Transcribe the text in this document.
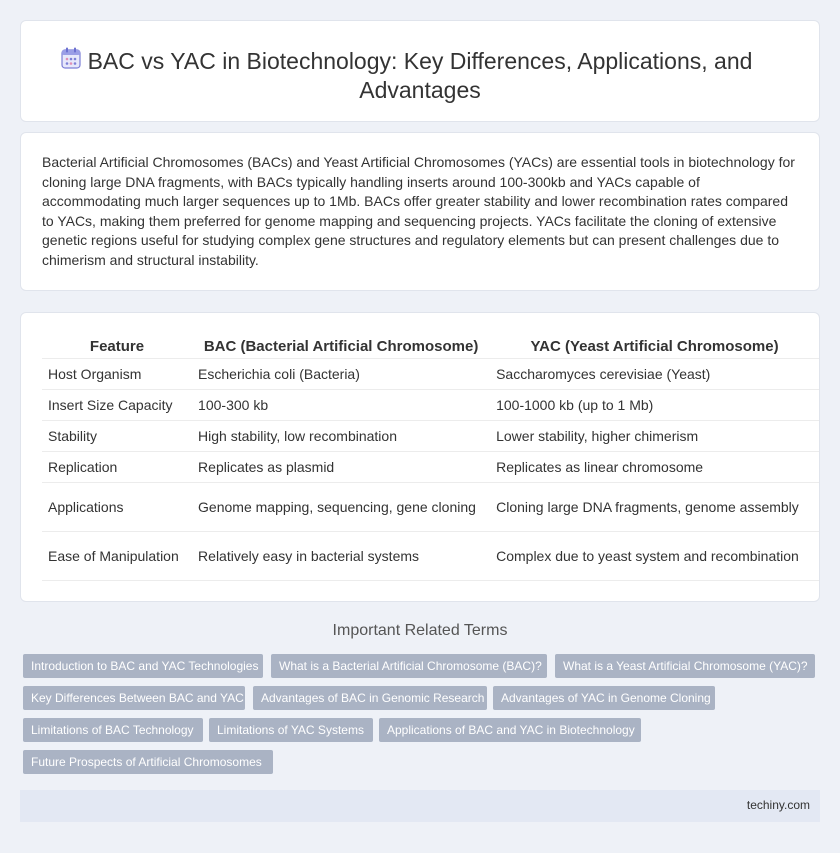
BAC vs YAC in Biotechnology: Key Differences, Applications, and Advantages

Bacterial Artificial Chromosomes (BACs) and Yeast Artificial Chromosomes (YACs) are essential tools in biotechnology for cloning large DNA fragments, with BACs typically handling inserts around 100-300kb and YACs capable of accommodating much larger sequences up to 1Mb. BACs offer greater stability and lower recombination rates compared to YACs, making them preferred for genome mapping and sequencing projects. YACs facilitate the cloning of extensive genetic regions useful for studying complex gene structures and regulatory elements but can present challenges due to chimerism and structural instability.

Feature	BAC (Bacterial Artificial Chromosome)	YAC (Yeast Artificial Chromosome)
Host Organism	Escherichia coli (Bacteria)	Saccharomyces cerevisiae (Yeast)
Insert Size Capacity	100-300 kb	100-1000 kb (up to 1 Mb)
Stability	High stability, low recombination	Lower stability, higher chimerism
Replication	Replicates as plasmid	Replicates as linear chromosome
Applications	Genome mapping, sequencing, gene cloning	Cloning large DNA fragments, genome assembly
Ease of Manipulation	Relatively easy in bacterial systems	Complex due to yeast system and recombination
Important Related Terms
Introduction to BAC and YAC Technologies	What is a Bacterial Artificial Chromosome (BAC)?	What is a Yeast Artificial Chromosome (YAC)?
Key Differences Between BAC and YAC	Advantages of BAC in Genomic Research	Advantages of YAC in Genome Cloning
Limitations of BAC Technology	Limitations of YAC Systems	Applications of BAC and YAC in Biotechnology
Future Prospects of Artificial Chromosomes
techiny.com
